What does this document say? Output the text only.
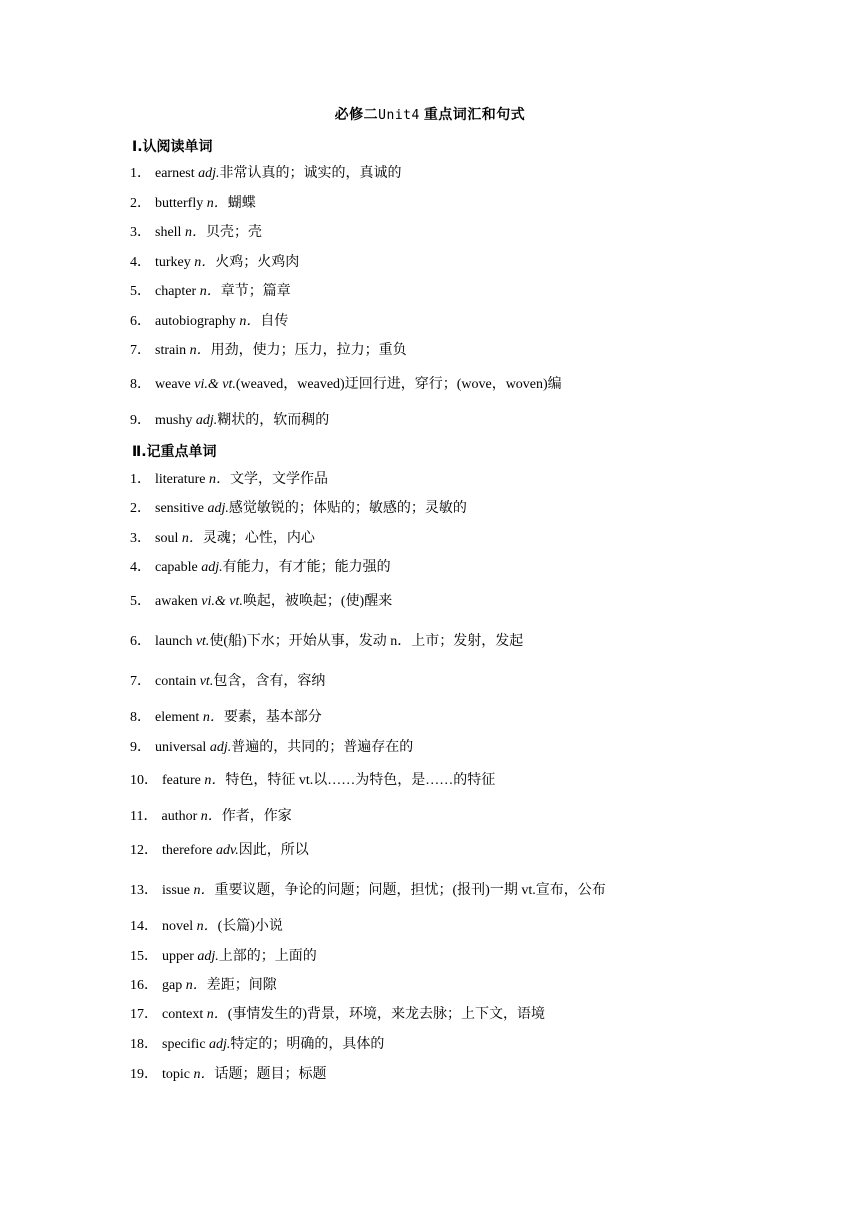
必修二Unit4 重点词汇和句式
Ⅰ.认阅读单词
1． earnest adj.非常认真的；诚实的，真诚的
2． butterfly n．蝴蝶
3． shell n．贝壳；壳
4． turkey n．火鸡；火鸡肉
5． chapter n．章节；篇章
6． autobiography n．自传
7． strain n．用劲，使力；压力，拉力；重负
8． weave vi.& vt.(weaved，weaved)迂回行进，穿行；(wove，woven)编
9． mushy adj.糊状的，软而稠的
Ⅱ.记重点单词
1． literature n．文学，文学作品
2． sensitive adj.感觉敏锐的；体贴的；敏感的；灵敏的
3． soul n．灵魂；心性，内心
4． capable adj.有能力，有才能；能力强的
5． awaken vi.& vt.唤起，被唤起；(使)醒来
6． launch vt.使(船)下水；开始从事，发动 n．上市；发射，发起
7． contain vt.包含，含有，容纳
8． element n．要素，基本部分
9． universal adj.普遍的，共同的；普遍存在的
10． feature n．特色，特征 vt.以……为特色，是……的特征
11． author n．作者，作家
12． therefore adv.因此，所以
13． issue n．重要议题，争论的问题；问题，担忧；(报刊)一期 vt.宣布，公布
14． novel n．(长篇)小说
15． upper adj.上部的；上面的
16． gap n．差距；间隙
17． context n．(事情发生的)背景，环境，来龙去脉；上下文，语境
18． specific adj.特定的；明确的，具体的
19． topic n．话题；题目；标题
